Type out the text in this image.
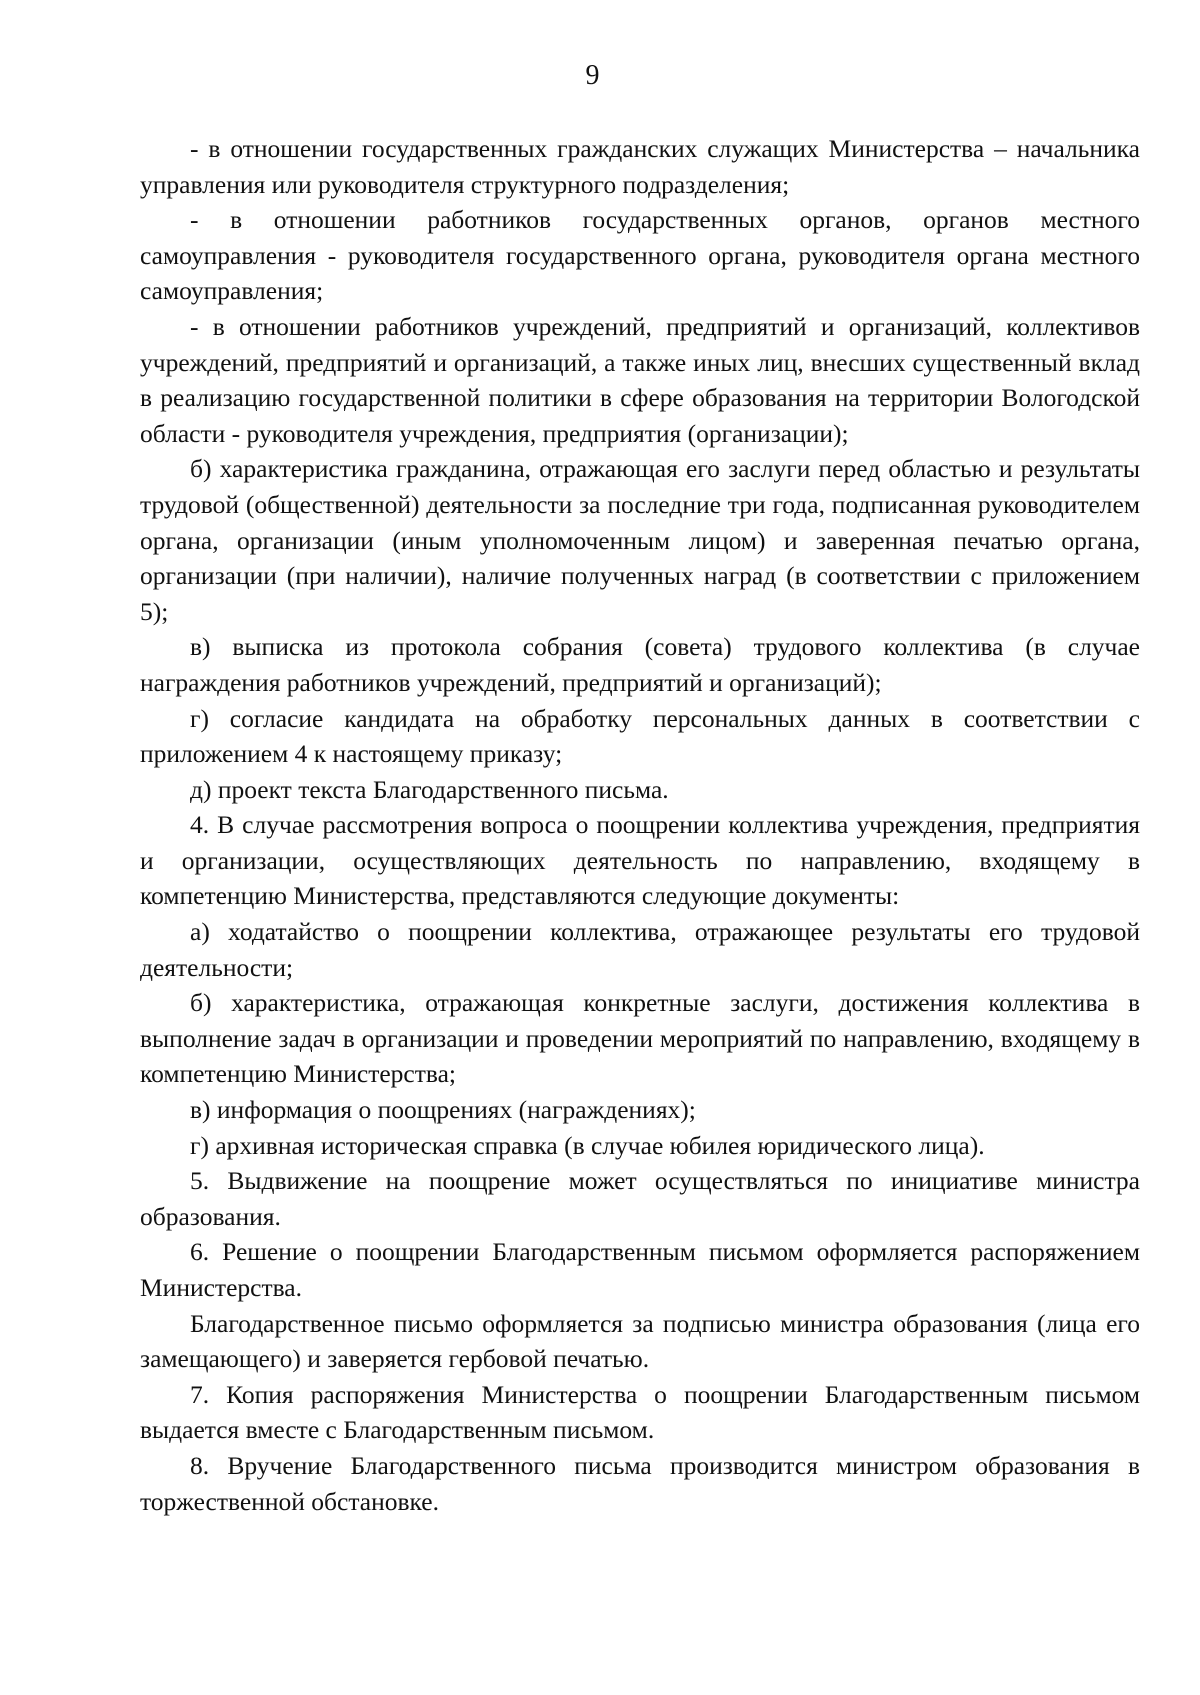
9

- в отношении государственных гражданских служащих Министерства – начальника управления или руководителя структурного подразделения;

- в отношении работников государственных органов, органов местного самоуправления - руководителя государственного органа, руководителя органа местного самоуправления;

- в отношении работников учреждений, предприятий и организаций, коллективов учреждений, предприятий и организаций, а также иных лиц, внесших существенный вклад в реализацию государственной политики в сфере образования на территории Вологодской области - руководителя учреждения, предприятия (организации);

б) характеристика гражданина, отражающая его заслуги перед областью и результаты трудовой (общественной) деятельности за последние три года, подписанная руководителем органа, организации (иным уполномоченным лицом) и заверенная печатью органа, организации (при наличии), наличие полученных наград (в соответствии с приложением 5);

в) выписка из протокола собрания (совета) трудового коллектива (в случае награждения работников учреждений, предприятий и организаций);

г) согласие кандидата на обработку персональных данных в соответствии с приложением 4 к настоящему приказу;

д) проект текста Благодарственного письма.

4. В случае рассмотрения вопроса о поощрении коллектива учреждения, предприятия и организации, осуществляющих деятельность по направлению, входящему в компетенцию Министерства, представляются следующие документы:

а) ходатайство о поощрении коллектива, отражающее результаты его трудовой деятельности;

б) характеристика, отражающая конкретные заслуги, достижения коллектива в выполнение задач в организации и проведении мероприятий по направлению, входящему в компетенцию Министерства;

в) информация о поощрениях (награждениях);

г) архивная историческая справка (в случае юбилея юридического лица).

5. Выдвижение на поощрение может осуществляться по инициативе министра образования.

6. Решение о поощрении Благодарственным письмом оформляется распоряжением Министерства.

Благодарственное письмо оформляется за подписью министра образования (лица его замещающего) и заверяется гербовой печатью.

7. Копия распоряжения Министерства о поощрении Благодарственным письмом выдается вместе с Благодарственным письмом.

8. Вручение Благодарственного письма производится министром образования в торжественной обстановке.
